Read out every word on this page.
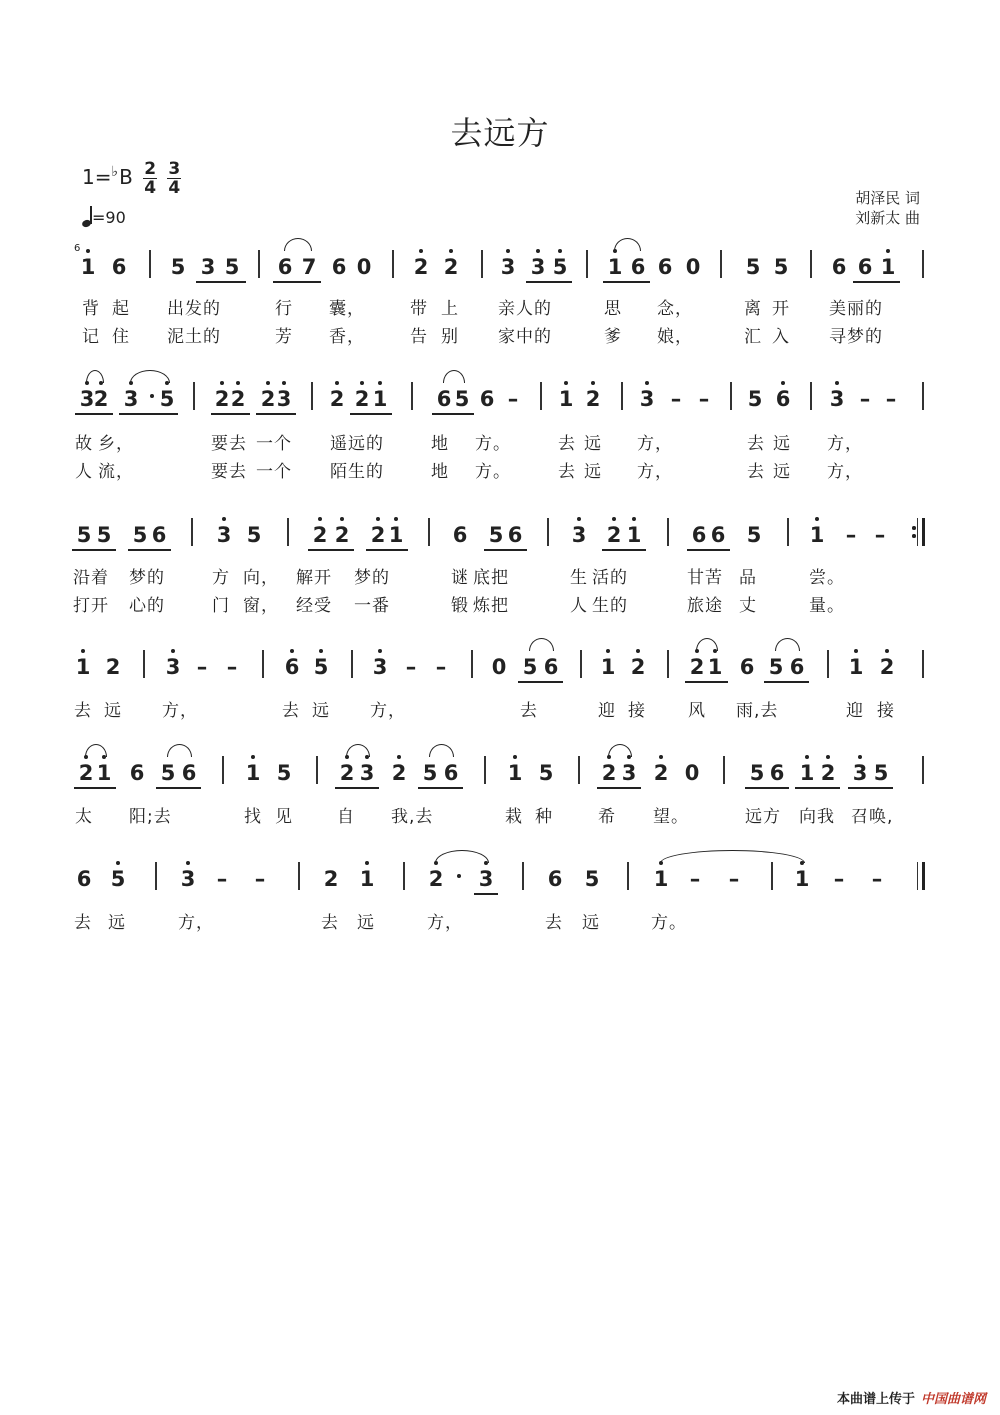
去远方
$1=^♭B \frac{2}{4}$
$\frac{3}{4}$
=90
胡泽民 词
刘新太 曲
6
1 6 5 3 5 6 7 6 0 2 2 3 3 5 1 6 6 0 5 5 6 6 1
3 2 3 5 2 2 2 3 2 2 1 6 5 6 –	1 2 3 – –	5 6 3 – –
5 5 5 6 3 5 2 2 2 1 6 5 6 3 2 1 6 6 5 1	– –
1 2 3 – –	6 5 3 – –	0 5 6 1 2 2 1 6 5 6 1 2
2 1 6 5 6 1 5 2 3 2 5 6 1 5 2 3 2 0 5 6 1 2 3 5
6 5	3	–	–	2 1	2 3	6 5	1	–	–	1	–	–
背 起 出发的	行 囊，	带 上 亲人的	思 念，	离 开 美丽的
记 住 泥土的	芳 香，	告 别 家中的	爹 娘，	汇 入 寻梦的
故 乡，	要去 一个 遥远的	地 方。	去 远 方，	去 远 方，
人 流，	要去 一个 陌生的	地 方。	去 远 方，	去 远 方，
沿着 梦的	方 向， 解开 梦的	谜 底把	生 活的	甘苦 品	尝。
打开 心的	门 窗， 经受 一番	锻 炼把	人 生的	旅途 丈	量。
去 远 方，	去 远 方，	去	迎 接 风 雨,去	迎 接
太 阳;去	找 见	自 我,去	栽 种	希 望。	远方 向我 召唤,
去 远	方，	去 远	方，	去 远	方。
本曲谱上传于 中国曲谱网
